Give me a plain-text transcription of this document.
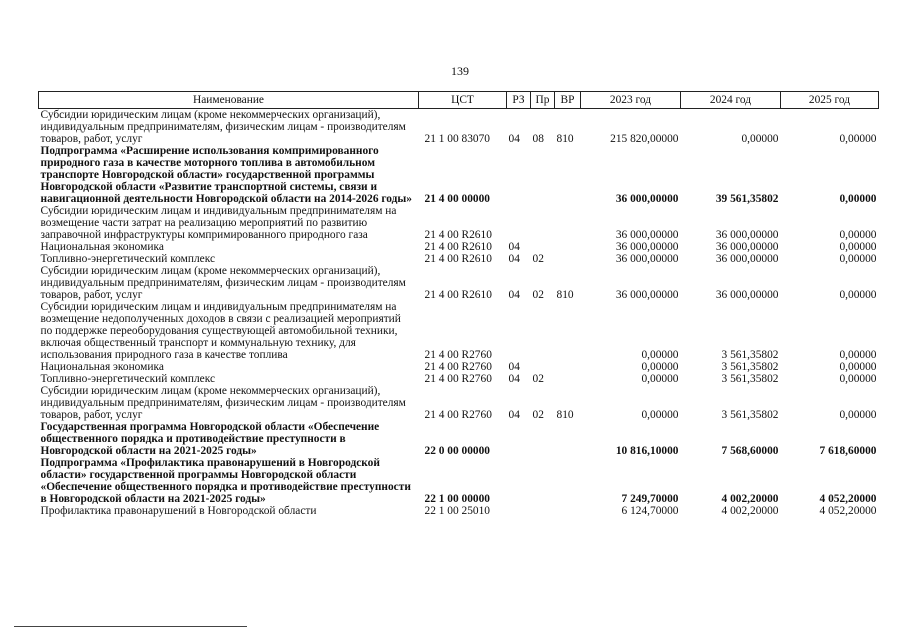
139
Наименование	ЦСТ	РЗ	Пр	ВР	2023 год	2024 год	2025 год
Субсидии юридическим лицам (кроме некоммерческих организаций), индивидуальным предпринимателям, физическим лицам - производителям товаров, работ, услуг	21 1 00 83070	04	08	810	215 820,00000	0,00000	0,00000
Подпрограмма «Расширение использования компримированного природного газа в качестве моторного топлива в автомобильном транспорте Новгородской области» государственной программы Новгородской области «Развитие транспортной системы, связи и навигационной деятельности Новгородской области на 2014-2026 годы»	21 4 00 00000				36 000,00000	39 561,35802	0,00000
Субсидии юридическим лицам и индивидуальным предпринимателям на возмещение части затрат на реализацию мероприятий по развитию заправочной инфраструктуры компримированного природного газа	21 4 00 R2610				36 000,00000	36 000,00000	0,00000
Национальная экономика	21 4 00 R2610	04			36 000,00000	36 000,00000	0,00000
Топливно-энергетический комплекс	21 4 00 R2610	04	02		36 000,00000	36 000,00000	0,00000
Субсидии юридическим лицам (кроме некоммерческих организаций), индивидуальным предпринимателям, физическим лицам - производителям товаров, работ, услуг	21 4 00 R2610	04	02	810	36 000,00000	36 000,00000	0,00000
Субсидии юридическим лицам и индивидуальным предпринимателям на возмещение недополученных доходов в связи с реализацией мероприятий по поддержке переоборудования существующей автомобильной техники, включая общественный транспорт и коммунальную технику, для использования природного газа в качестве топлива	21 4 00 R2760				0,00000	3 561,35802	0,00000
Национальная экономика	21 4 00 R2760	04			0,00000	3 561,35802	0,00000
Топливно-энергетический комплекс	21 4 00 R2760	04	02		0,00000	3 561,35802	0,00000
Субсидии юридическим лицам (кроме некоммерческих организаций), индивидуальным предпринимателям, физическим лицам - производителям товаров, работ, услуг	21 4 00 R2760	04	02	810	0,00000	3 561,35802	0,00000
Государственная программа Новгородской области «Обеспечение общественного порядка и противодействие преступности в Новгородской области на 2021-2025 годы»	22 0 00 00000				10 816,10000	7 568,60000	7 618,60000
Подпрограмма «Профилактика правонарушений в Новгородской области» государственной программы Новгородской области «Обеспечение общественного порядка и противодействие преступности в Новгородской области на 2021-2025 годы»	22 1 00 00000				7 249,70000	4 002,20000	4 052,20000
Профилактика правонарушений в Новгородской области	22 1 00 25010				6 124,70000	4 002,20000	4 052,20000
